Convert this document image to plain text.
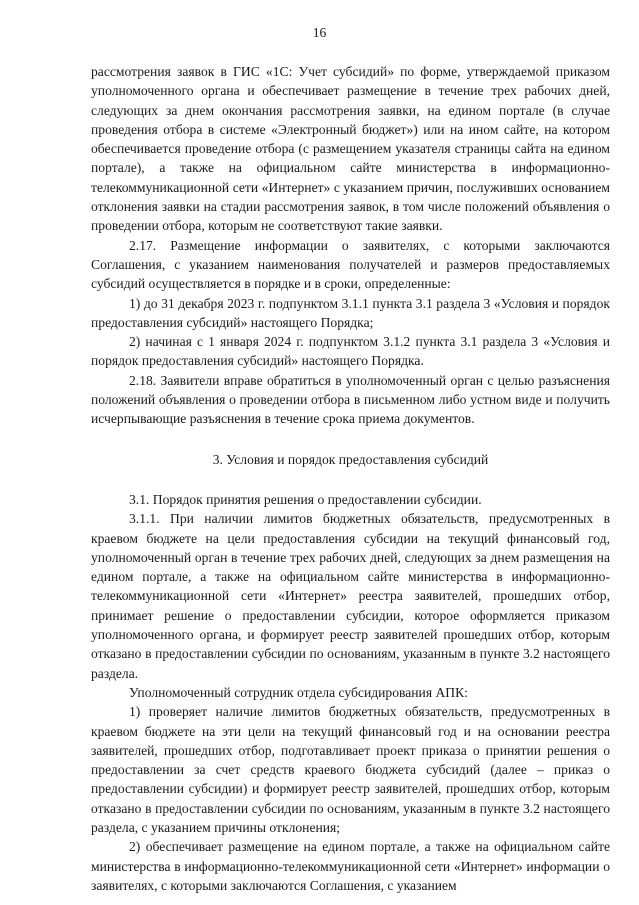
16

рассмотрения заявок в ГИС «1С: Учет субсидий» по форме, утверждаемой приказом уполномоченного органа и обеспечивает размещение в течение трех рабочих дней, следующих за днем окончания рассмотрения заявки, на едином портале (в случае проведения отбора в системе «Электронный бюджет») или на ином сайте, на котором обеспечивается проведение отбора (с размещением указателя страницы сайта на едином портале), а также на официальном сайте министерства в информационно-телекоммуникационной сети «Интернет» с указанием причин, послуживших основанием отклонения заявки на стадии рассмотрения заявок, в том числе положений объявления о проведении отбора, которым не соответствуют такие заявки.

2.17. Размещение информации о заявителях, с которыми заключаются Соглашения, с указанием наименования получателей и размеров предоставляемых субсидий осуществляется в порядке и в сроки, определенные:

1) до 31 декабря 2023 г. подпунктом 3.1.1 пункта 3.1 раздела 3 «Условия и порядок предоставления субсидий» настоящего Порядка;

2) начиная с 1 января 2024 г. подпунктом 3.1.2 пункта 3.1 раздела 3 «Условия и порядок предоставления субсидий» настоящего Порядка.

2.18. Заявители вправе обратиться в уполномоченный орган с целью разъяснения положений объявления о проведении отбора в письменном либо устном виде и получить исчерпывающие разъяснения в течение срока приема документов.

3. Условия и порядок предоставления субсидий

3.1. Порядок принятия решения о предоставлении субсидии.

3.1.1. При наличии лимитов бюджетных обязательств, предусмотренных в краевом бюджете на цели предоставления субсидии на текущий финансовый год, уполномоченный орган в течение трех рабочих дней, следующих за днем размещения на едином портале, а также на официальном сайте министерства в информационно-телекоммуникационной сети «Интернет» реестра заявителей, прошедших отбор, принимает решение о предоставлении субсидии, которое оформляется приказом уполномоченного органа, и формирует реестр заявителей прошедших отбор, которым отказано в предоставлении субсидии по основаниям, указанным в пункте 3.2 настоящего раздела.

Уполномоченный сотрудник отдела субсидирования АПК:

1) проверяет наличие лимитов бюджетных обязательств, предусмотренных в краевом бюджете на эти цели на текущий финансовый год и на основании реестра заявителей, прошедших отбор, подготавливает проект приказа о принятии решения о предоставлении за счет средств краевого бюджета субсидий (далее – приказ о предоставлении субсидии) и формирует реестр заявителей, прошедших отбор, которым отказано в предоставлении субсидии по основаниям, указанным в пункте 3.2 настоящего раздела, с указанием причины отклонения;

2) обеспечивает размещение на едином портале, а также на официальном сайте министерства в информационно-телекоммуникационной сети «Интернет» информации о заявителях, с которыми заключаются Соглашения, с указанием
